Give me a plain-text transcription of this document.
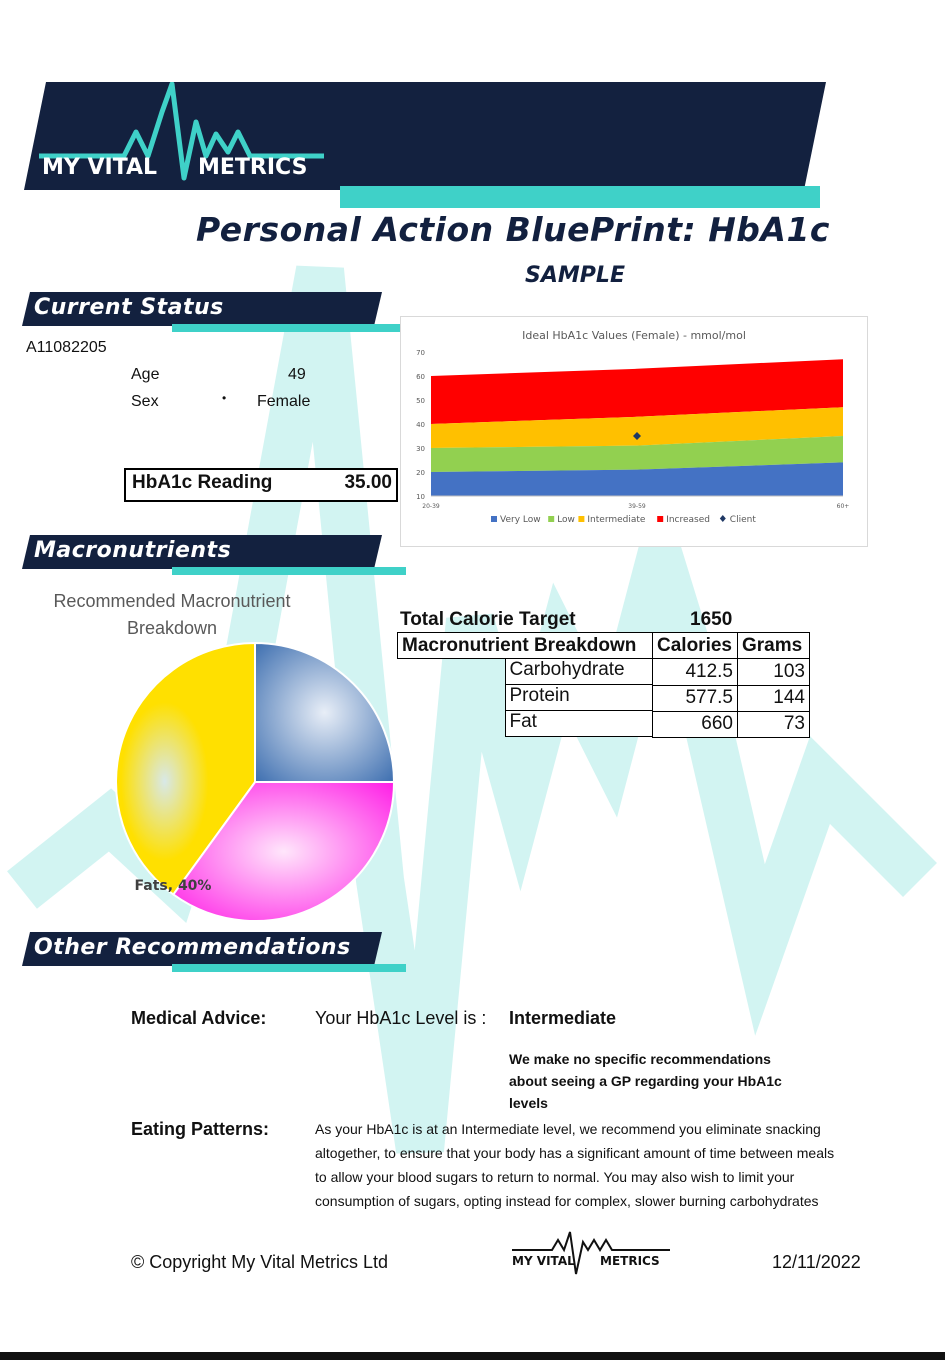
MY VITAL METRICS
Personal Action BluePrint: HbA1c
SAMPLE
Current Status
A11082205
Age	49
Sex	• Female
HbA1c Reading	35.00
Ideal HbA1c Values (Female) - mmol/mol
10
20
30
40
50
60
70
20-39	39-59	60+
Very Low Low Intermediate Increased Client
Macronutrients
Recommended Macronutrient
Breakdown
Fats, 40%
Total Calorie Target	1650
Macronutrient Breakdown	Calories	Grams

Carbohydrate	412.5	103

Protein	577.5	144

Fat	660	73
Other Recommendations
Medical Advice:	Your HbA1c Level is : Intermediate
We make no specific recommendations
about seeing a GP regarding your HbA1c
levels
Eating Patterns:	As your HbA1c is at an Intermediate level, we recommend you eliminate snacking
altogether, to ensure that your body has a significant amount of time between meals
to allow your blood sugars to return to normal. You may also wish to limit your
consumption of sugars, opting instead for complex, slower burning carbohydrates
© Copyright My Vital Metrics Ltd	MY VITAL METRICS	12/11/2022
